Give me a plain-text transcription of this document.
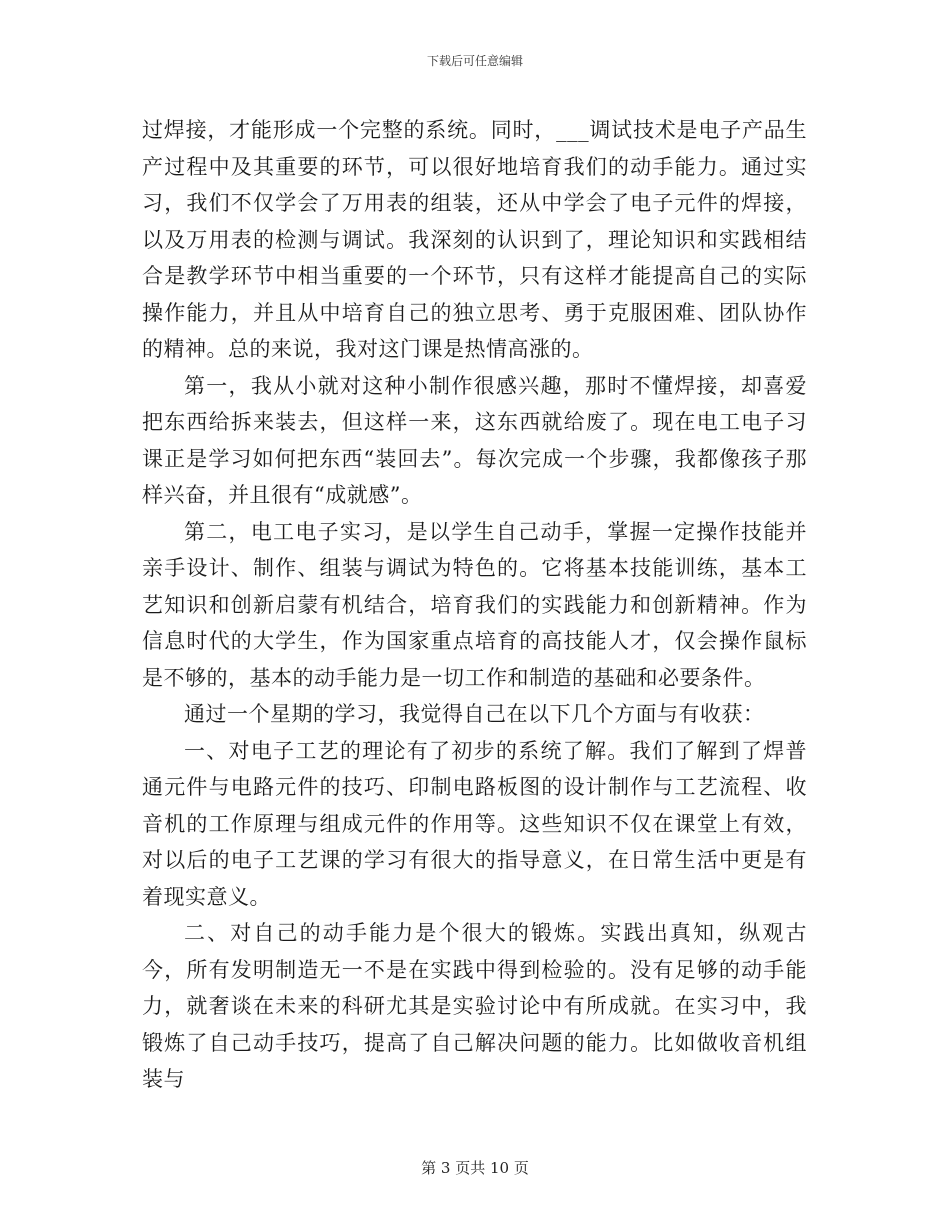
下载后可任意编辑

过焊接，才能形成一个完整的系统。同时，___调试技术是电子产品生产过程中及其重要的环节，可以很好地培育我们的动手能力。通过实习，我们不仅学会了万用表的组装，还从中学会了电子元件的焊接，以及万用表的检测与调试。我深刻的认识到了，理论知识和实践相结合是教学环节中相当重要的一个环节，只有这样才能提高自己的实际操作能力，并且从中培育自己的独立思考、勇于克服困难、团队协作的精神。总的来说，我对这门课是热情高涨的。

第一，我从小就对这种小制作很感兴趣，那时不懂焊接，却喜爱把东西给拆来装去，但这样一来，这东西就给废了。现在电工电子习课正是学习如何把东西“装回去”。每次完成一个步骤，我都像孩子那样兴奋，并且很有“成就感”。

第二，电工电子实习，是以学生自己动手，掌握一定操作技能并亲手设计、制作、组装与调试为特色的。它将基本技能训练，基本工艺知识和创新启蒙有机结合，培育我们的实践能力和创新精神。作为信息时代的大学生，作为国家重点培育的高技能人才，仅会操作鼠标是不够的，基本的动手能力是一切工作和制造的基础和必要条件。

通过一个星期的学习，我觉得自己在以下几个方面与有收获：

一、对电子工艺的理论有了初步的系统了解。我们了解到了焊普通元件与电路元件的技巧、印制电路板图的设计制作与工艺流程、收音机的工作原理与组成元件的作用等。这些知识不仅在课堂上有效，对以后的电子工艺课的学习有很大的指导意义，在日常生活中更是有着现实意义。

二、对自己的动手能力是个很大的锻炼。实践出真知，纵观古今，所有发明制造无一不是在实践中得到检验的。没有足够的动手能力，就奢谈在未来的科研尤其是实验讨论中有所成就。在实习中，我锻炼了自己动手技巧，提高了自己解决问题的能力。比如做收音机组装与

第 3 页共 10 页
